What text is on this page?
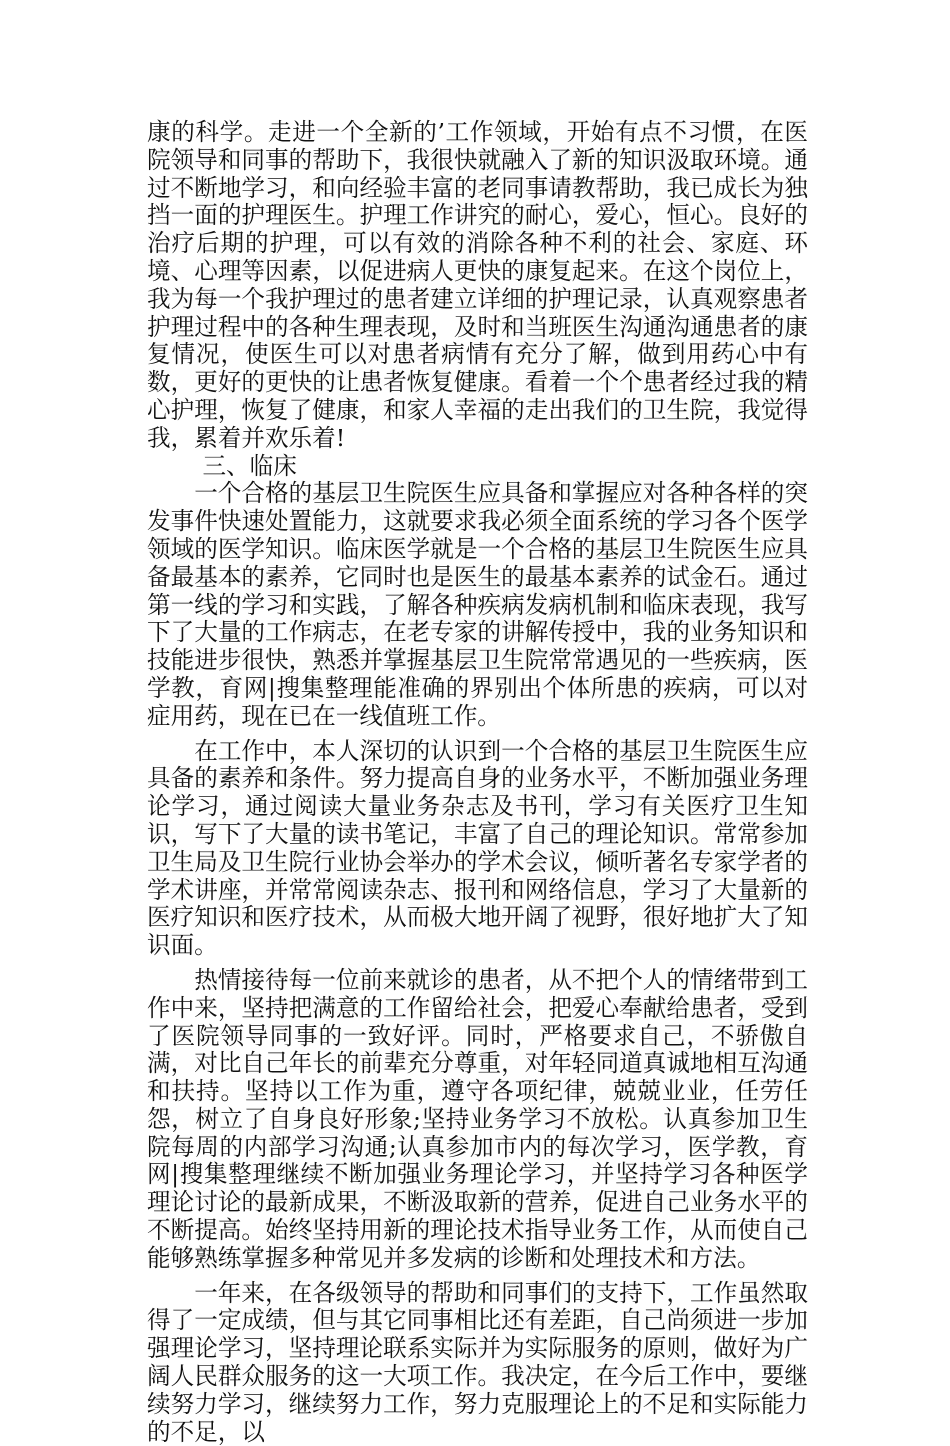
康的科学。走进一个全新的’工作领域，开始有点不习惯，在医院领导和同事的帮助下，我很快就融入了新的知识汲取环境。通过不断地学习，和向经验丰富的老同事请教帮助，我已成长为独挡一面的护理医生。护理工作讲究的耐心，爱心，恒心。良好的治疗后期的护理，可以有效的消除各种不利的社会、家庭、环境、心理等因素，以促进病人更快的康复起来。在这个岗位上，我为每一个我护理过的患者建立详细的护理记录，认真观察患者护理过程中的各种生理表现，及时和当班医生沟通沟通患者的康复情况，使医生可以对患者病情有充分了解，做到用药心中有数，更好的更快的让患者恢复健康。看着一个个患者经过我的精心护理，恢复了健康，和家人幸福的走出我们的卫生院，我觉得我，累着并欢乐着!

三、临床

一个合格的基层卫生院医生应具备和掌握应对各种各样的突发事件快速处置能力，这就要求我必须全面系统的学习各个医学领域的医学知识。临床医学就是一个合格的基层卫生院医生应具备最基本的素养，它同时也是医生的最基本素养的试金石。通过第一线的学习和实践，了解各种疾病发病机制和临床表现，我写下了大量的工作病志，在老专家的讲解传授中，我的业务知识和技能进步很快，熟悉并掌握基层卫生院常常遇见的一些疾病，医学教，育网|搜集整理能准确的界别出个体所患的疾病，可以对症用药，现在已在一线值班工作。

在工作中，本人深切的认识到一个合格的基层卫生院医生应具备的素养和条件。努力提高自身的业务水平，不断加强业务理论学习，通过阅读大量业务杂志及书刊，学习有关医疗卫生知识，写下了大量的读书笔记，丰富了自己的理论知识。常常参加卫生局及卫生院行业协会举办的学术会议，倾听著名专家学者的学术讲座，并常常阅读杂志、报刊和网络信息，学习了大量新的医疗知识和医疗技术，从而极大地开阔了视野，很好地扩大了知识面。

热情接待每一位前来就诊的患者，从不把个人的情绪带到工作中来，坚持把满意的工作留给社会，把爱心奉献给患者，受到了医院领导同事的一致好评。同时，严格要求自己，不骄傲自满，对比自己年长的前辈充分尊重，对年轻同道真诚地相互沟通和扶持。坚持以工作为重，遵守各项纪律，兢兢业业，任劳任怨，树立了自身良好形象;坚持业务学习不放松。认真参加卫生院每周的内部学习沟通;认真参加市内的每次学习，医学教，育网|搜集整理继续不断加强业务理论学习，并坚持学习各种医学理论讨论的最新成果，不断汲取新的营养，促进自己业务水平的不断提高。始终坚持用新的理论技术指导业务工作，从而使自己能够熟练掌握多种常见并多发病的诊断和处理技术和方法。

一年来，在各级领导的帮助和同事们的支持下，工作虽然取得了一定成绩，但与其它同事相比还有差距，自己尚须进一步加强理论学习，坚持理论联系实际并为实际服务的原则，做好为广阔人民群众服务的这一大项工作。我决定，在今后工作中，要继续努力学习，继续努力工作，努力克服理论上的不足和实际能力的不足，以
